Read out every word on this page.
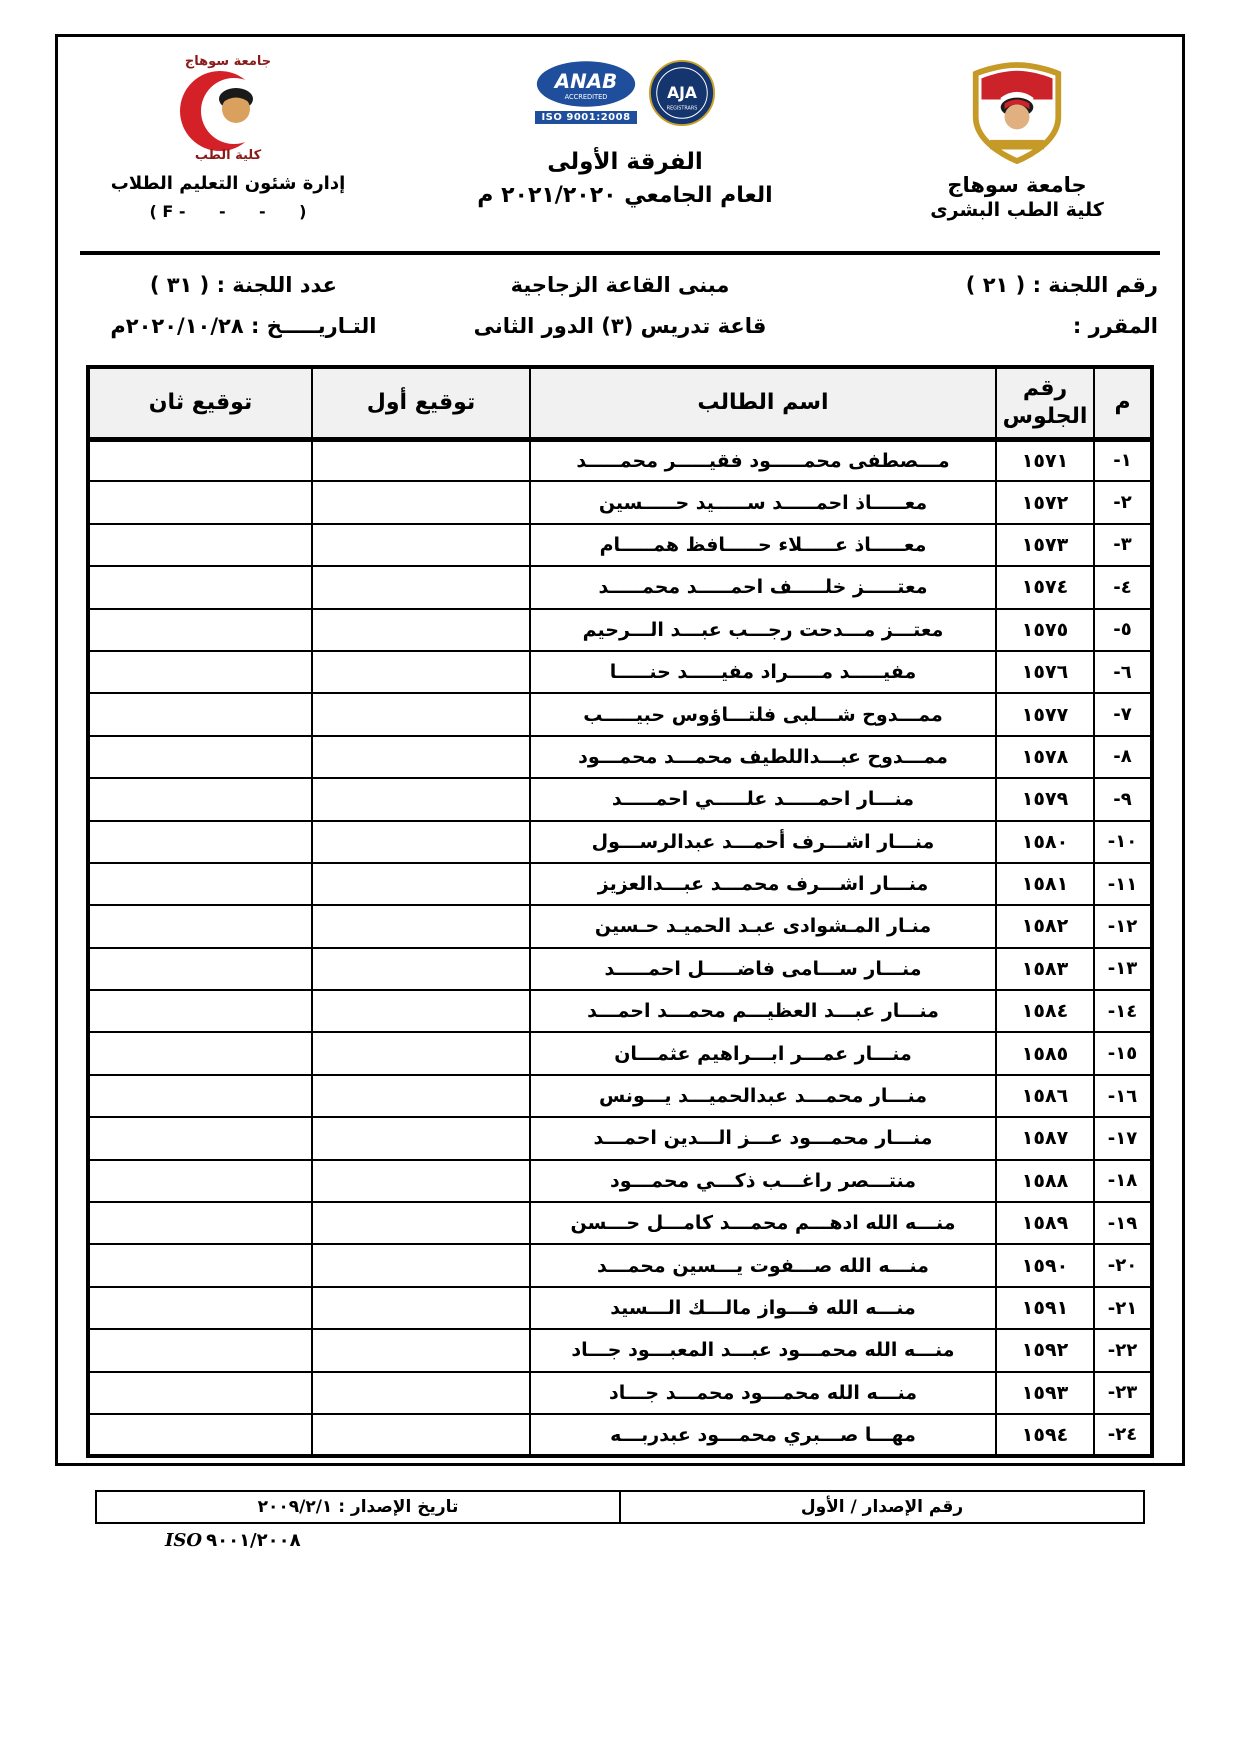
جامعة سوهاج
كلية الطب البشرى
ANAB
ACCREDITED
ISO 9001:2008
AJA
REGISTRARS
الفرقة الأولى
العام الجامعي ٢٠٢١/٢٠٢٠ م
جامعة سوهاج
كلية الطب
إدارة شئون التعليم الطلاب
( F -      -      -      )
رقم اللجنة : ( ٢١ )
المقرر :
مبنى القاعة الزجاجية
قاعة تدريس (٣) الدور الثانى
عدد اللجنة : ( ٣١ )
التـاريـــــخ : ٢٠٢٠/١٠/٢٨م
م	رقم الجلوس	اسم الطالب	توقيع أول	توقيع ثان
١-	١٥٧١	مـــصطفى محمـــــود فقيـــــر محمـــــد		
٢-	١٥٧٢	معـــــاذ احمـــــد ســـــيد حـــــسين		
٣-	١٥٧٣	معـــــاذ عـــــلاء حـــــافظ همـــــام		
٤-	١٥٧٤	معتـــــز خلـــــف احمـــــد محمـــــد		
٥-	١٥٧٥	معتـــز مـــدحت رجـــب عبـــد الـــرحيم		
٦-	١٥٧٦	مفيـــــد مـــــراد مفيـــــد حنـــــا		
٧-	١٥٧٧	ممـــدوح شـــلبى فلتـــاؤوس حبيـــــب		
٨-	١٥٧٨	ممـــدوح عبـــداللطيف محمـــد محمـــود		
٩-	١٥٧٩	منـــار احمـــــد علـــــي احمـــــد		
١٠-	١٥٨٠	منـــار اشـــرف أحمـــد عبدالرســـول		
١١-	١٥٨١	منـــار اشـــرف محمـــد عبـــدالعزيز		
١٢-	١٥٨٢	منـار المـشوادى عبـد الحميـد حـسين		
١٣-	١٥٨٣	منـــار ســـامى فاضـــــل احمـــــد		
١٤-	١٥٨٤	منـــار عبـــد العظيـــم محمـــد احمـــد		
١٥-	١٥٨٥	منـــار عمـــر ابـــراهيم عثمـــان		
١٦-	١٥٨٦	منـــار محمـــد عبدالحميـــد يـــونس		
١٧-	١٥٨٧	منـــار محمـــود عـــز الـــدين احمـــد		
١٨-	١٥٨٨	منتـــصر راغـــب ذكـــي محمـــود		
١٩-	١٥٨٩	منـــه الله ادهـــم محمـــد كامـــل حـــسن		
٢٠-	١٥٩٠	منـــه الله صـــفوت يـــسين محمـــد		
٢١-	١٥٩١	منـــه الله فـــواز مالـــك الـــسيد		
٢٢-	١٥٩٢	منـــه الله محمـــود عبـــد المعبـــود جـــاد		
٢٣-	١٥٩٣	منـــه الله محمـــود محمـــد جـــاد		
٢٤-	١٥٩٤	مهـــا صـــبري محمـــود عبدربـــه		
رقم الإصدار / الأول	تاريخ الإصدار : ٢٠٠٩/٢/١
ISO ٩٠٠١/٢٠٠٨
